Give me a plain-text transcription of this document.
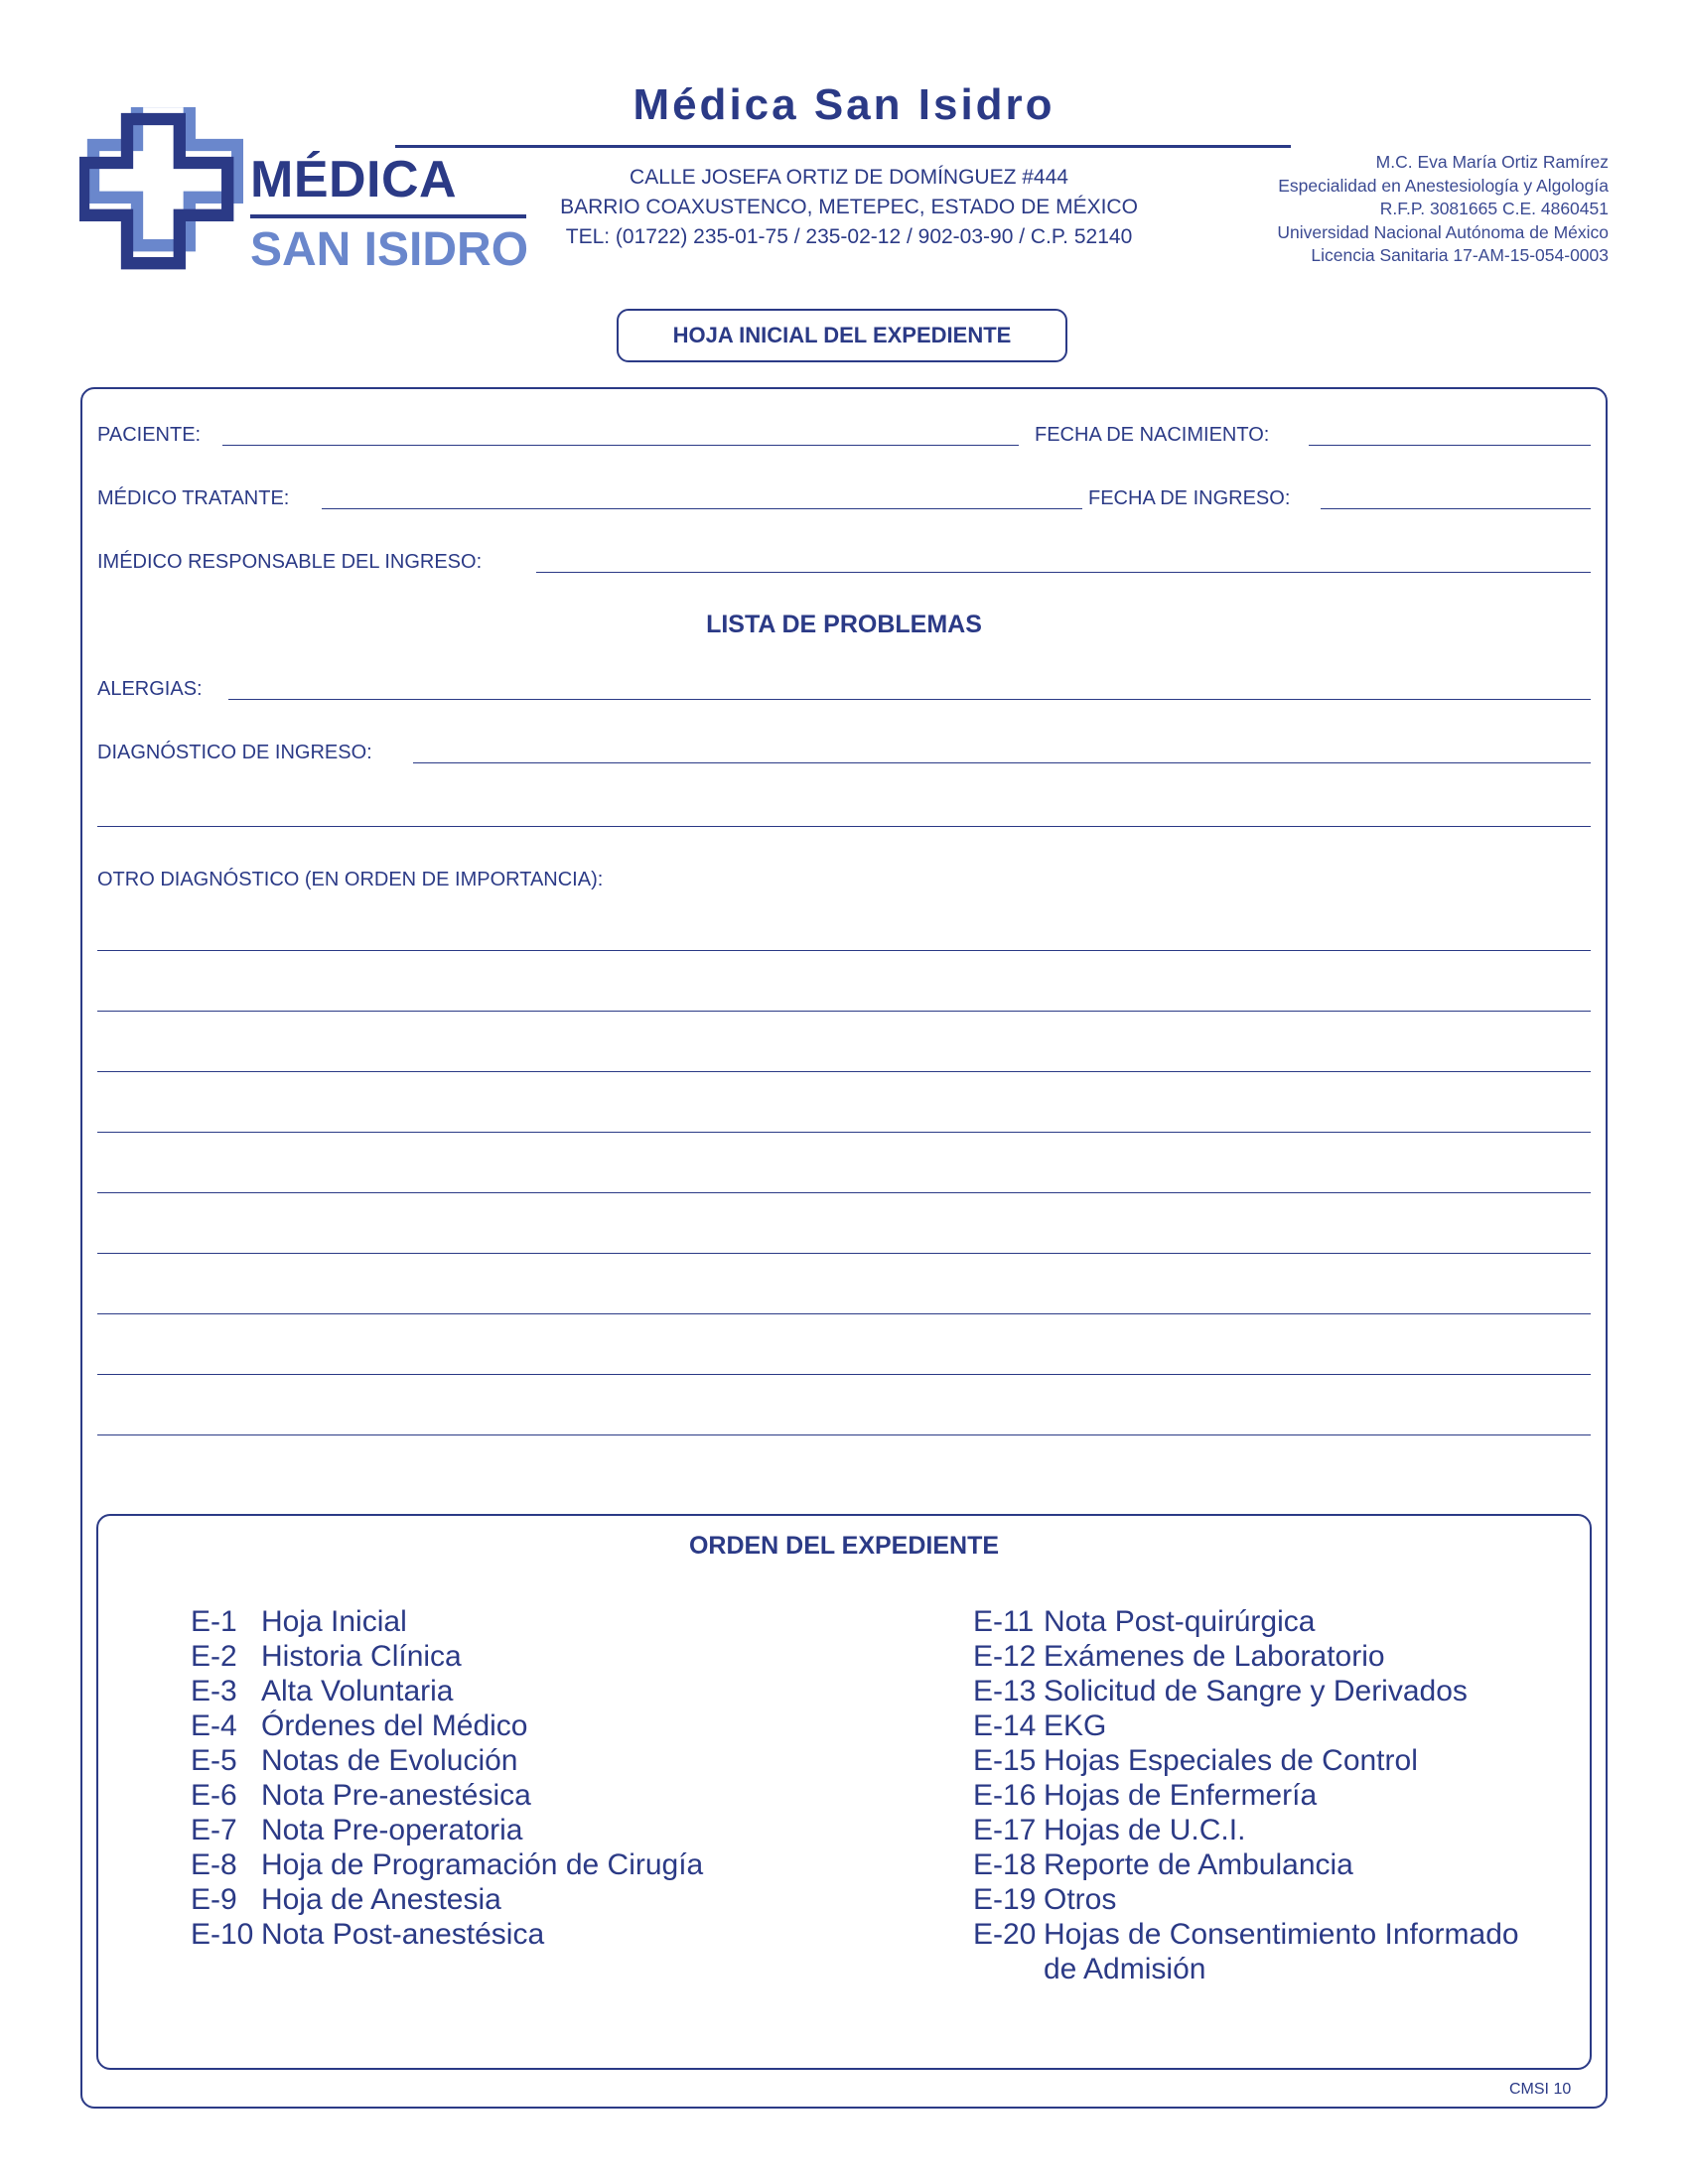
MÉDICA
SAN ISIDRO
Médica San Isidro
CALLE JOSEFA ORTIZ DE DOMÍNGUEZ #444
BARRIO COAXUSTENCO, METEPEC, ESTADO DE MÉXICO
TEL: (01722) 235-01-75 / 235-02-12 / 902-03-90 / C.P. 52140
M.C. Eva María Ortiz Ramírez
Especialidad en Anestesiología y Algología
R.F.P. 3081665 C.E. 4860451
Universidad Nacional Autónoma de México
Licencia Sanitaria 17-AM-15-054-0003
HOJA INICIAL DEL EXPEDIENTE
PACIENTE:	FECHA DE NACIMIENTO:
MÉDICO TRATANTE:	FECHA DE INGRESO:
IMÉDICO RESPONSABLE DEL INGRESO:
LISTA DE PROBLEMAS
ALERGIAS:
DIAGNÓSTICO DE INGRESO:
OTRO DIAGNÓSTICO (EN ORDEN DE IMPORTANCIA):
ORDEN DEL EXPEDIENTE
E-1 Hoja Inicial
E-2 Historia Clínica
E-3 Alta Voluntaria
E-4 Órdenes del Médico
E-5 Notas de Evolución
E-6 Nota Pre-anestésica
E-7 Nota Pre-operatoria
E-8 Hoja de Programación de Cirugía
E-9 Hoja de Anestesia
E-10 Nota Post-anestésica
E-11 Nota Post-quirúrgica
E-12 Exámenes de Laboratorio
E-13 Solicitud de Sangre y Derivados
E-14 EKG
E-15 Hojas Especiales de Control
E-16 Hojas de Enfermería
E-17 Hojas de U.C.I.
E-18 Reporte de Ambulancia
E-19 Otros
E-20 Hojas de Consentimiento Informado
de Admisión
CMSI 10
